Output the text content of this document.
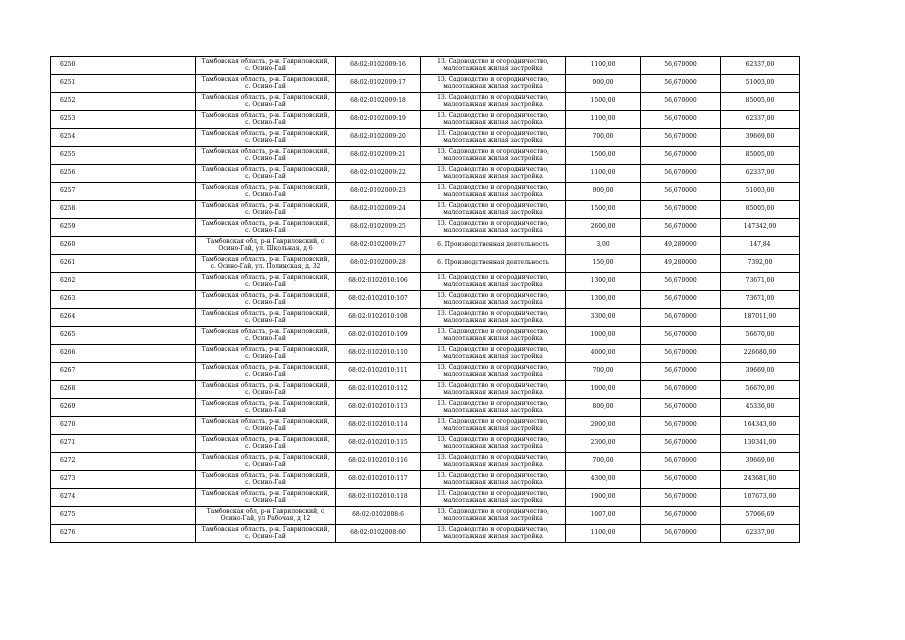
6250	Тамбовская область, р-н. Гавриловский, с. Осино-Гай	68:02:0102009:16	13. Садоводство и огородничество, малоэтажная жилая застройка	1100,00	56,670000	62337,00
6251	Тамбовская область, р-н. Гавриловский, с. Осино-Гай	68:02:0102009:17	13. Садоводство и огородничество, малоэтажная жилая застройка	900,00	56,670000	51003,00
6252	Тамбовская область, р-н. Гавриловский, с. Осино-Гай	68:02:0102009:18	13. Садоводство и огородничество, малоэтажная жилая застройка	1500,00	56,670000	85005,00
6253	Тамбовская область, р-н. Гавриловский, с. Осино-Гай	68:02:0102009:19	13. Садоводство и огородничество, малоэтажная жилая застройка	1100,00	56,670000	62337,00
6254	Тамбовская область, р-н. Гавриловский, с. Осино-Гай	68:02:0102009:20	13. Садоводство и огородничество, малоэтажная жилая застройка	700,00	56,670000	39669,00
6255	Тамбовская область, р-н. Гавриловский, с. Осино-Гай	68:02:0102009:21	13. Садоводство и огородничество, малоэтажная жилая застройка	1500,00	56,670000	85005,00
6256	Тамбовская область, р-н. Гавриловский, с. Осино-Гай	68:02:0102009:22	13. Садоводство и огородничество, малоэтажная жилая застройка	1100,00	56,670000	62337,00
6257	Тамбовская область, р-н. Гавриловский, с. Осино-Гай	68:02:0102009:23	13. Садоводство и огородничество, малоэтажная жилая застройка	900,00	56,670000	51003,00
6258	Тамбовская область, р-н. Гавриловский, с. Осино-Гай	68:02:0102009:24	13. Садоводство и огородничество, малоэтажная жилая застройка	1500,00	56,670000	85005,00
6259	Тамбовская область, р-н. Гавриловский, с. Осино-Гай	68:02:0102009:25	13. Садоводство и огородничество, малоэтажная жилая застройка	2600,00	56,670000	147342,00
6260	Тамбовская обл, р-н Гавриловский, с Осино-Гай, ул. Школьная, д 6	68:02:0102009:27	6. Производственная деятельность	3,00	49,280000	147,84
6261	Тамбовская область, р-н. Гавриловский, с. Осино-Гай, ул. Полинская, д. 32	68:02:0102009:28	6. Производственная деятельность	150,00	49,280000	7392,00
6262	Тамбовская область, р-н. Гавриловский, с. Осино-Гай	68:02:0102010:106	13. Садоводство и огородничество, малоэтажная жилая застройка	1300,00	56,670000	73671,00
6263	Тамбовская область, р-н. Гавриловский, с. Осино-Гай	68:02:0102010:107	13. Садоводство и огородничество, малоэтажная жилая застройка	1300,00	56,670000	73671,00
6264	Тамбовская область, р-н. Гавриловский, с. Осино-Гай	68:02:0102010:108	13. Садоводство и огородничество, малоэтажная жилая застройка	3300,00	56,670000	187011,00
6265	Тамбовская область, р-н. Гавриловский, с. Осино-Гай	68:02:0102010:109	13. Садоводство и огородничество, малоэтажная жилая застройка	1000,00	56,670000	56670,00
6266	Тамбовская область, р-н. Гавриловский, с. Осино-Гай	68:02:0102010:110	13. Садоводство и огородничество, малоэтажная жилая застройка	4000,00	56,670000	226680,00
6267	Тамбовская область, р-н. Гавриловский, с. Осино-Гай	68:02:0102010:111	13. Садоводство и огородничество, малоэтажная жилая застройка	700,00	56,670000	39669,00
6268	Тамбовская область, р-н. Гавриловский, с. Осино-Гай	68:02:0102010:112	13. Садоводство и огородничество, малоэтажная жилая застройка	1000,00	56,670000	56670,00
6269	Тамбовская область, р-н. Гавриловский, с. Осино-Гай	68:02:0102010:113	13. Садоводство и огородничество, малоэтажная жилая застройка	800,00	56,670000	45336,00
6270	Тамбовская область, р-н. Гавриловский, с. Осино-Гай	68:02:0102010:114	13. Садоводство и огородничество, малоэтажная жилая застройка	2900,00	56,670000	164343,00
6271	Тамбовская область, р-н. Гавриловский, с. Осино-Гай	68:02:0102010:115	13. Садоводство и огородничество, малоэтажная жилая застройка	2300,00	56,670000	130341,00
6272	Тамбовская область, р-н. Гавриловский, с. Осино-Гай	68:02:0102010:116	13. Садоводство и огородничество, малоэтажная жилая застройка	700,00	56,670000	39669,00
6273	Тамбовская область, р-н. Гавриловский, с. Осино-Гай	68:02:0102010:117	13. Садоводство и огородничество, малоэтажная жилая застройка	4300,00	56,670000	243681,00
6274	Тамбовская область, р-н. Гавриловский, с. Осино-Гай	68:02:0102010:118	13. Садоводство и огородничество, малоэтажная жилая застройка	1900,00	56,670000	107673,00
6275	Тамбовская обл, р-н Гавриловский, с Осино-Гай, ул Рабочая, д 12	68:02:0102008:6	13. Садоводство и огородничество, малоэтажная жилая застройка	1007,00	56,670000	57066,69
6276	Тамбовская область, р-н. Гавриловский, с. Осино-Гай	68:02:0102008:60	13. Садоводство и огородничество, малоэтажная жилая застройка	1100,00	56,670000	62337,00
